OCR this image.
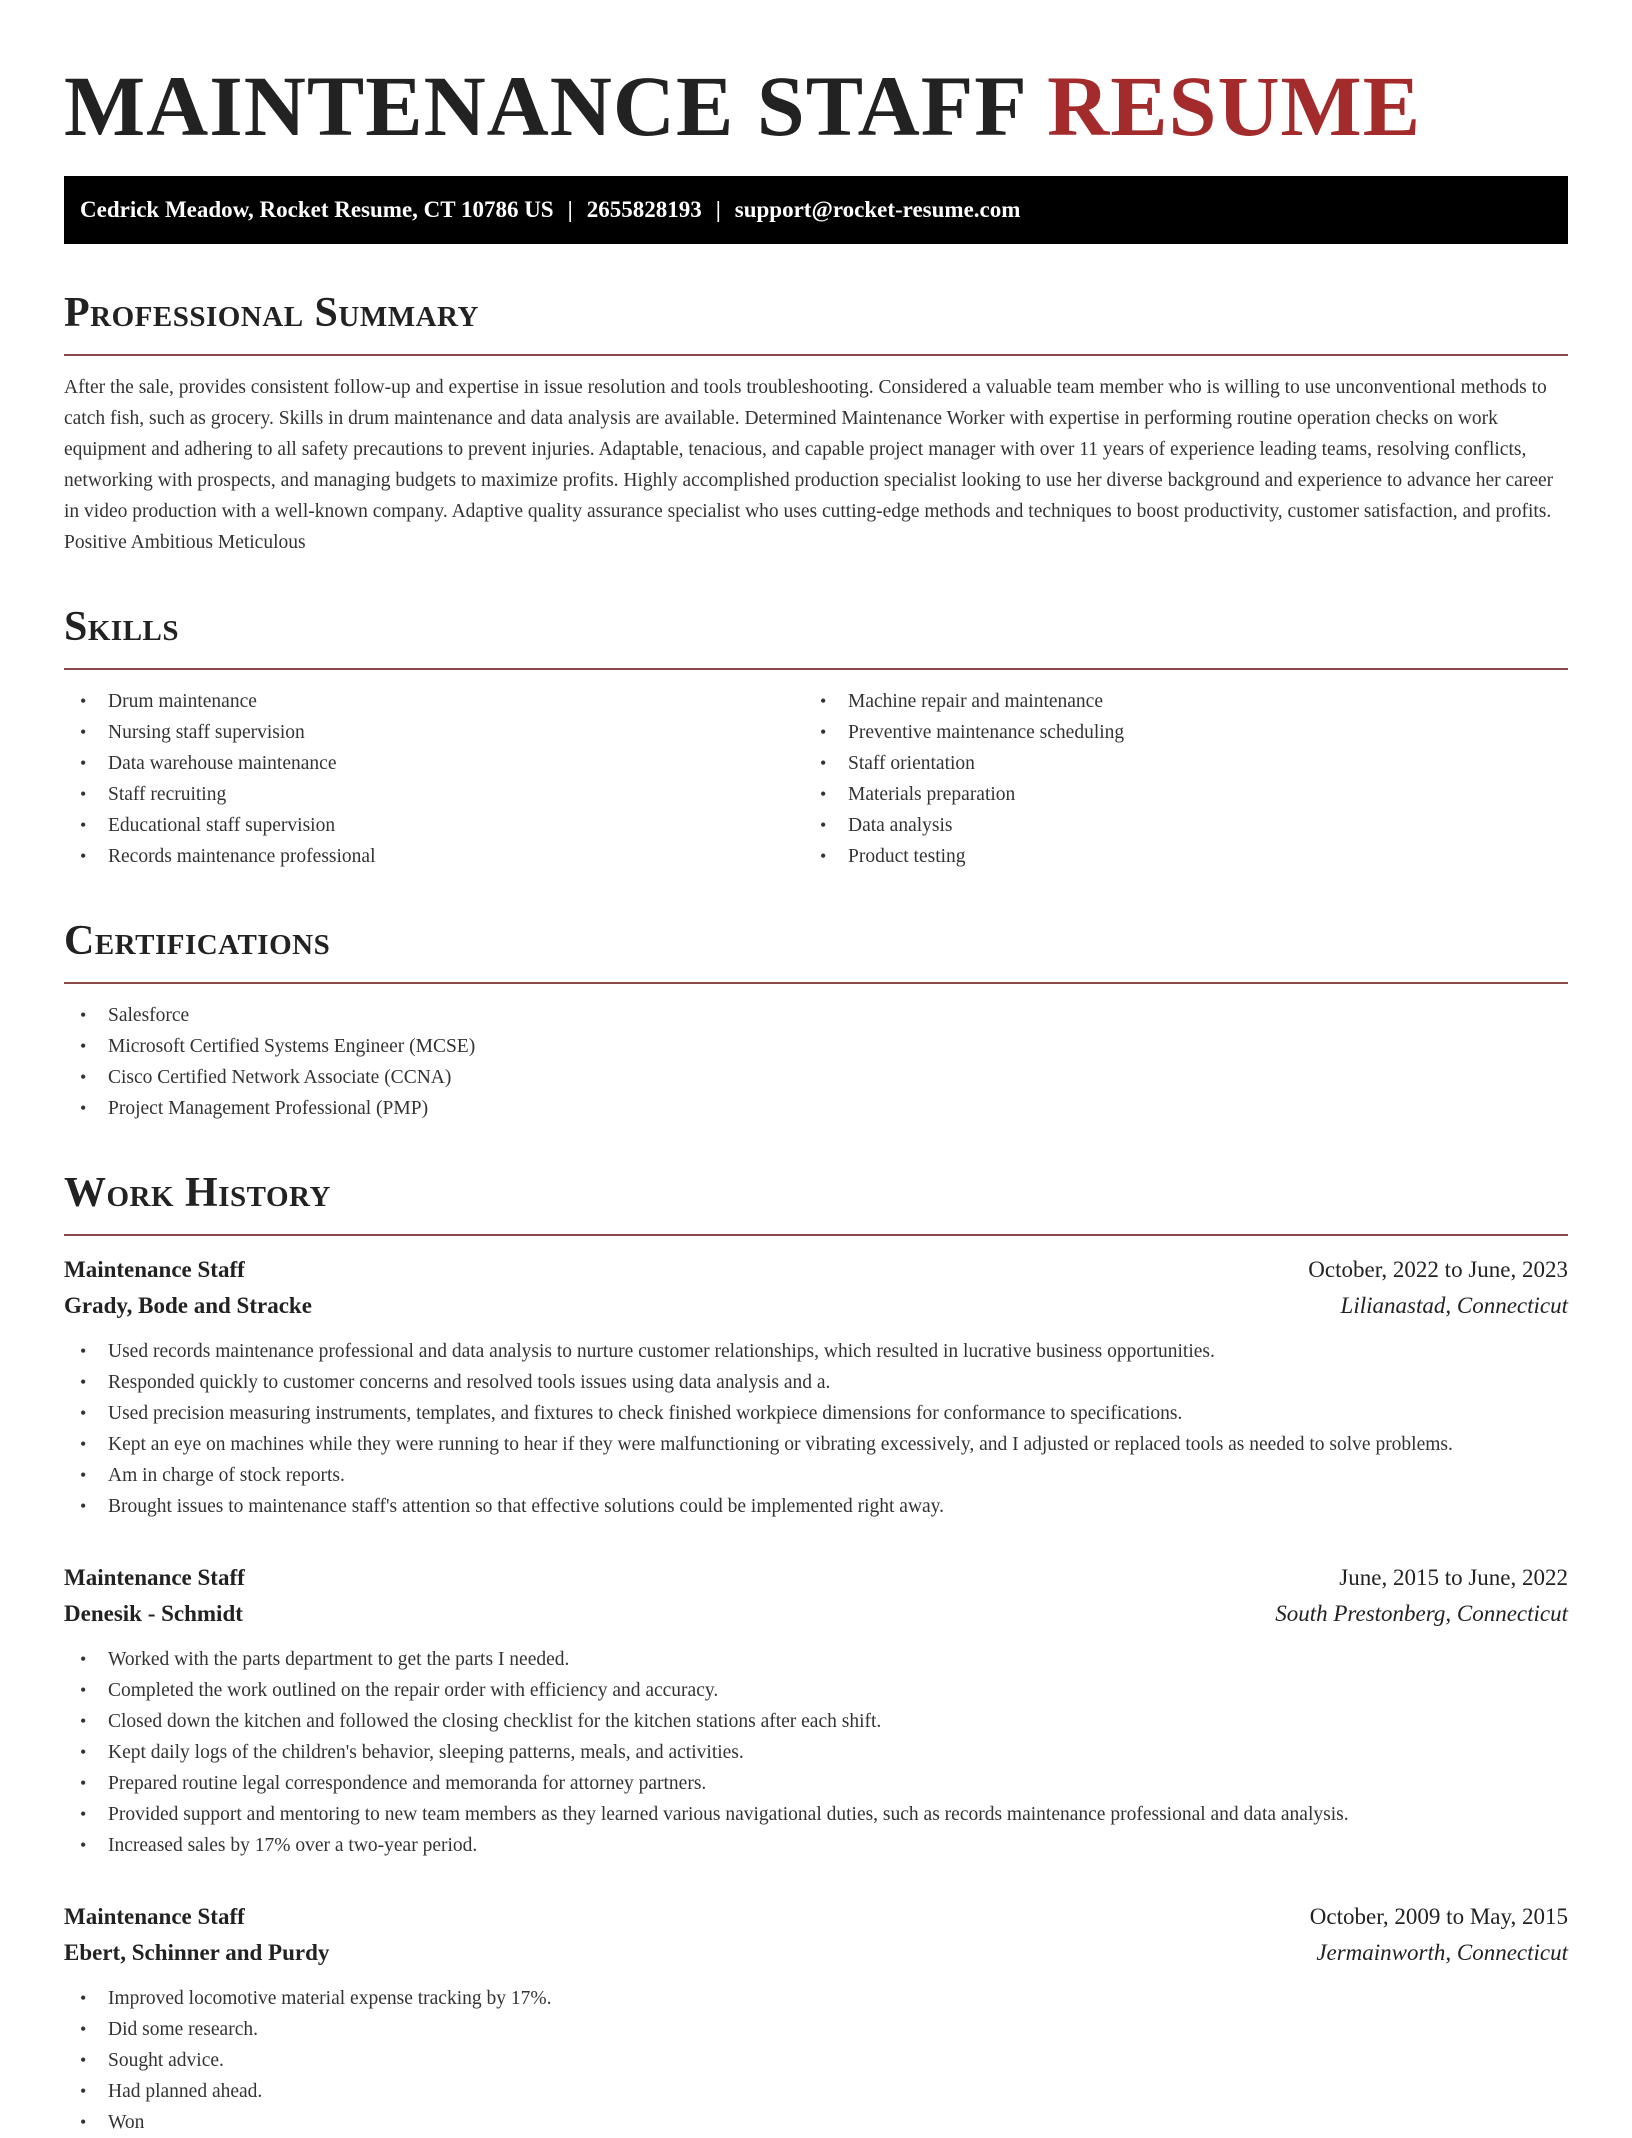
MAINTENANCE STAFF RESUME
Cedrick Meadow, Rocket Resume, CT 10786 US | 2655828193 | support@rocket-resume.com
Professional Summary

After the sale, provides consistent follow-up and expertise in issue resolution and tools troubleshooting. Considered a valuable team member who is willing to use unconventional methods to catch fish, such as grocery. Skills in drum maintenance and data analysis are available. Determined Maintenance Worker with expertise in performing routine operation checks on work equipment and adhering to all safety precautions to prevent injuries. Adaptable, tenacious, and capable project manager with over 11 years of experience leading teams, resolving conflicts, networking with prospects, and managing budgets to maximize profits. Highly accomplished production specialist looking to use her diverse background and experience to advance her career in video production with a well-known company. Adaptive quality assurance specialist who uses cutting-edge methods and techniques to boost productivity, customer satisfaction, and profits. Positive Ambitious Meticulous

Skills
• Drum maintenance
• Nursing staff supervision
• Data warehouse maintenance
• Staff recruiting
• Educational staff supervision
• Records maintenance professional
• Machine repair and maintenance
• Preventive maintenance scheduling
• Staff orientation
• Materials preparation
• Data analysis
• Product testing
Certifications
• Salesforce
• Microsoft Certified Systems Engineer (MCSE)
• Cisco Certified Network Associate (CCNA)
• Project Management Professional (PMP)
Work History
Maintenance Staff	October, 2022 to June, 2023
Grady, Bode and Stracke	Lilianastad, Connecticut
• Used records maintenance professional and data analysis to nurture customer relationships, which resulted in lucrative business opportunities.
• Responded quickly to customer concerns and resolved tools issues using data analysis and a.
• Used precision measuring instruments, templates, and fixtures to check finished workpiece dimensions for conformance to specifications.
• Kept an eye on machines while they were running to hear if they were malfunctioning or vibrating excessively, and I adjusted or replaced tools as needed to solve problems.
• Am in charge of stock reports.
• Brought issues to maintenance staff's attention so that effective solutions could be implemented right away.
Maintenance Staff	June, 2015 to June, 2022
Denesik - Schmidt	South Prestonberg, Connecticut
• Worked with the parts department to get the parts I needed.
• Completed the work outlined on the repair order with efficiency and accuracy.
• Closed down the kitchen and followed the closing checklist for the kitchen stations after each shift.
• Kept daily logs of the children's behavior, sleeping patterns, meals, and activities.
• Prepared routine legal correspondence and memoranda for attorney partners.
• Provided support and mentoring to new team members as they learned various navigational duties, such as records maintenance professional and data analysis.
• Increased sales by 17% over a two-year period.
Maintenance Staff	October, 2009 to May, 2015
Ebert, Schinner and Purdy	Jermainworth, Connecticut
• Improved locomotive material expense tracking by 17%.
• Did some research.
• Sought advice.
• Had planned ahead.
• Won
